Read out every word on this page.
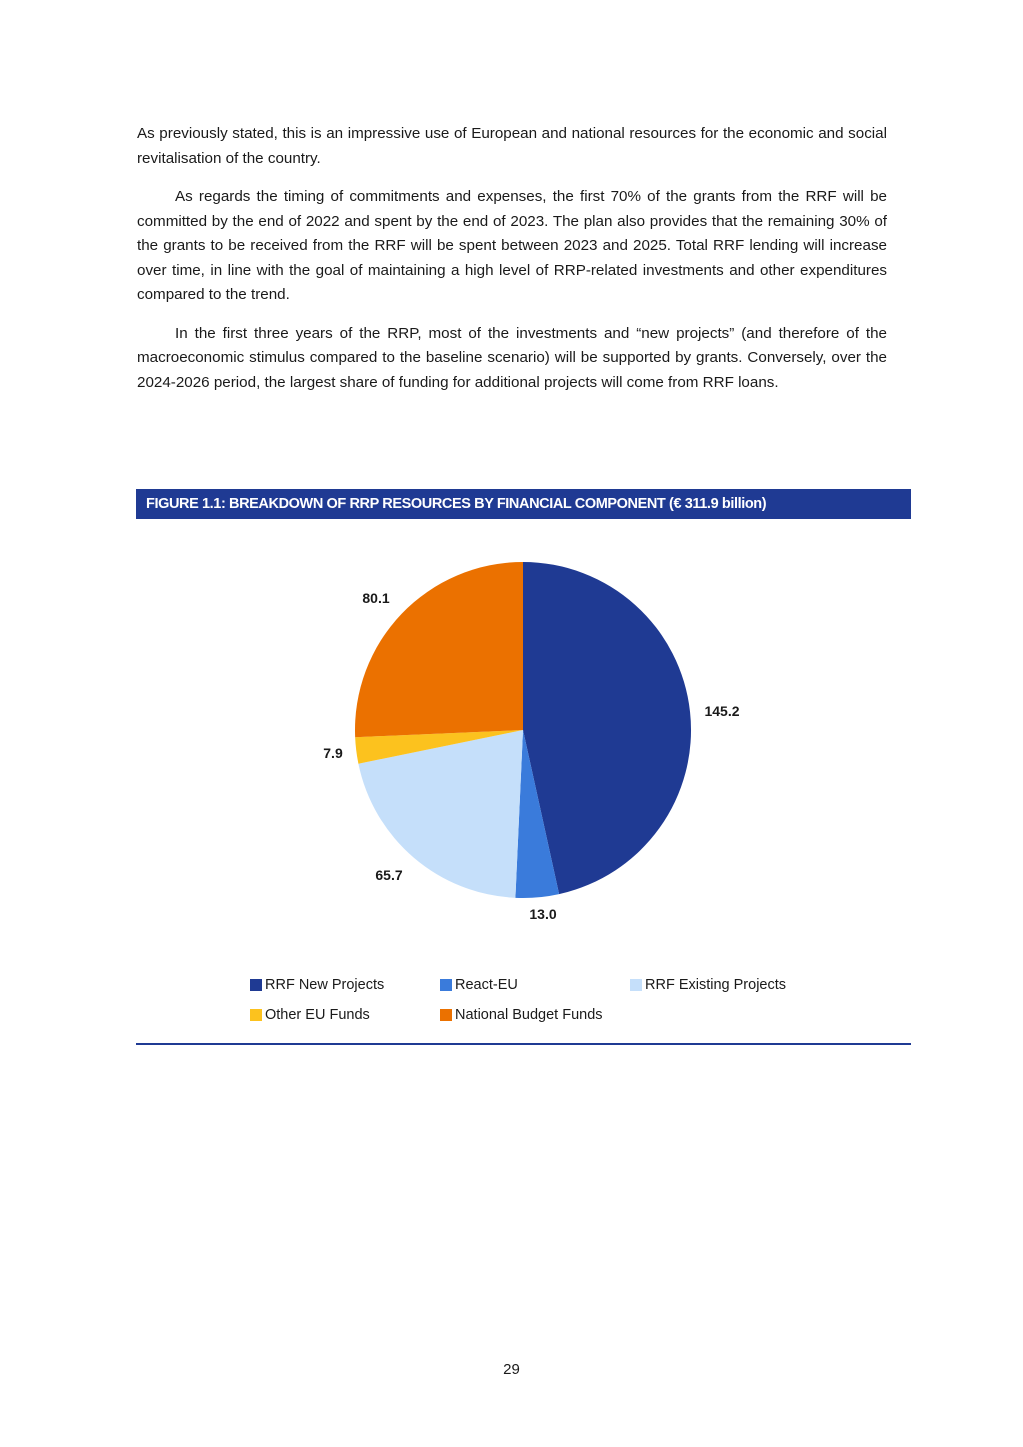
As previously stated, this is an impressive use of European and national resources for the economic and social revitalisation of the country.

As regards the timing of commitments and expenses, the first 70% of the grants from the RRF will be committed by the end of 2022 and spent by the end of 2023. The plan also provides that the remaining 30% of the grants to be received from the RRF will be spent between 2023 and 2025. Total RRF lending will increase over time, in line with the goal of maintaining a high level of RRP-related investments and other expenditures compared to the trend.

In the first three years of the RRP, most of the investments and “new projects” (and therefore of the macroeconomic stimulus compared to the baseline scenario) will be supported by grants. Conversely, over the 2024-2026 period, the largest share of funding for additional projects will come from RRF loans.

FIGURE 1.1: BREAKDOWN OF RRP RESOURCES BY FINANCIAL COMPONENT (€ 311.9 billion)
145.2
13.0
65.7
7.9
80.1
RRF New Projects	React-EU	RRF Existing Projects
Other EU Funds	National Budget Funds
29
